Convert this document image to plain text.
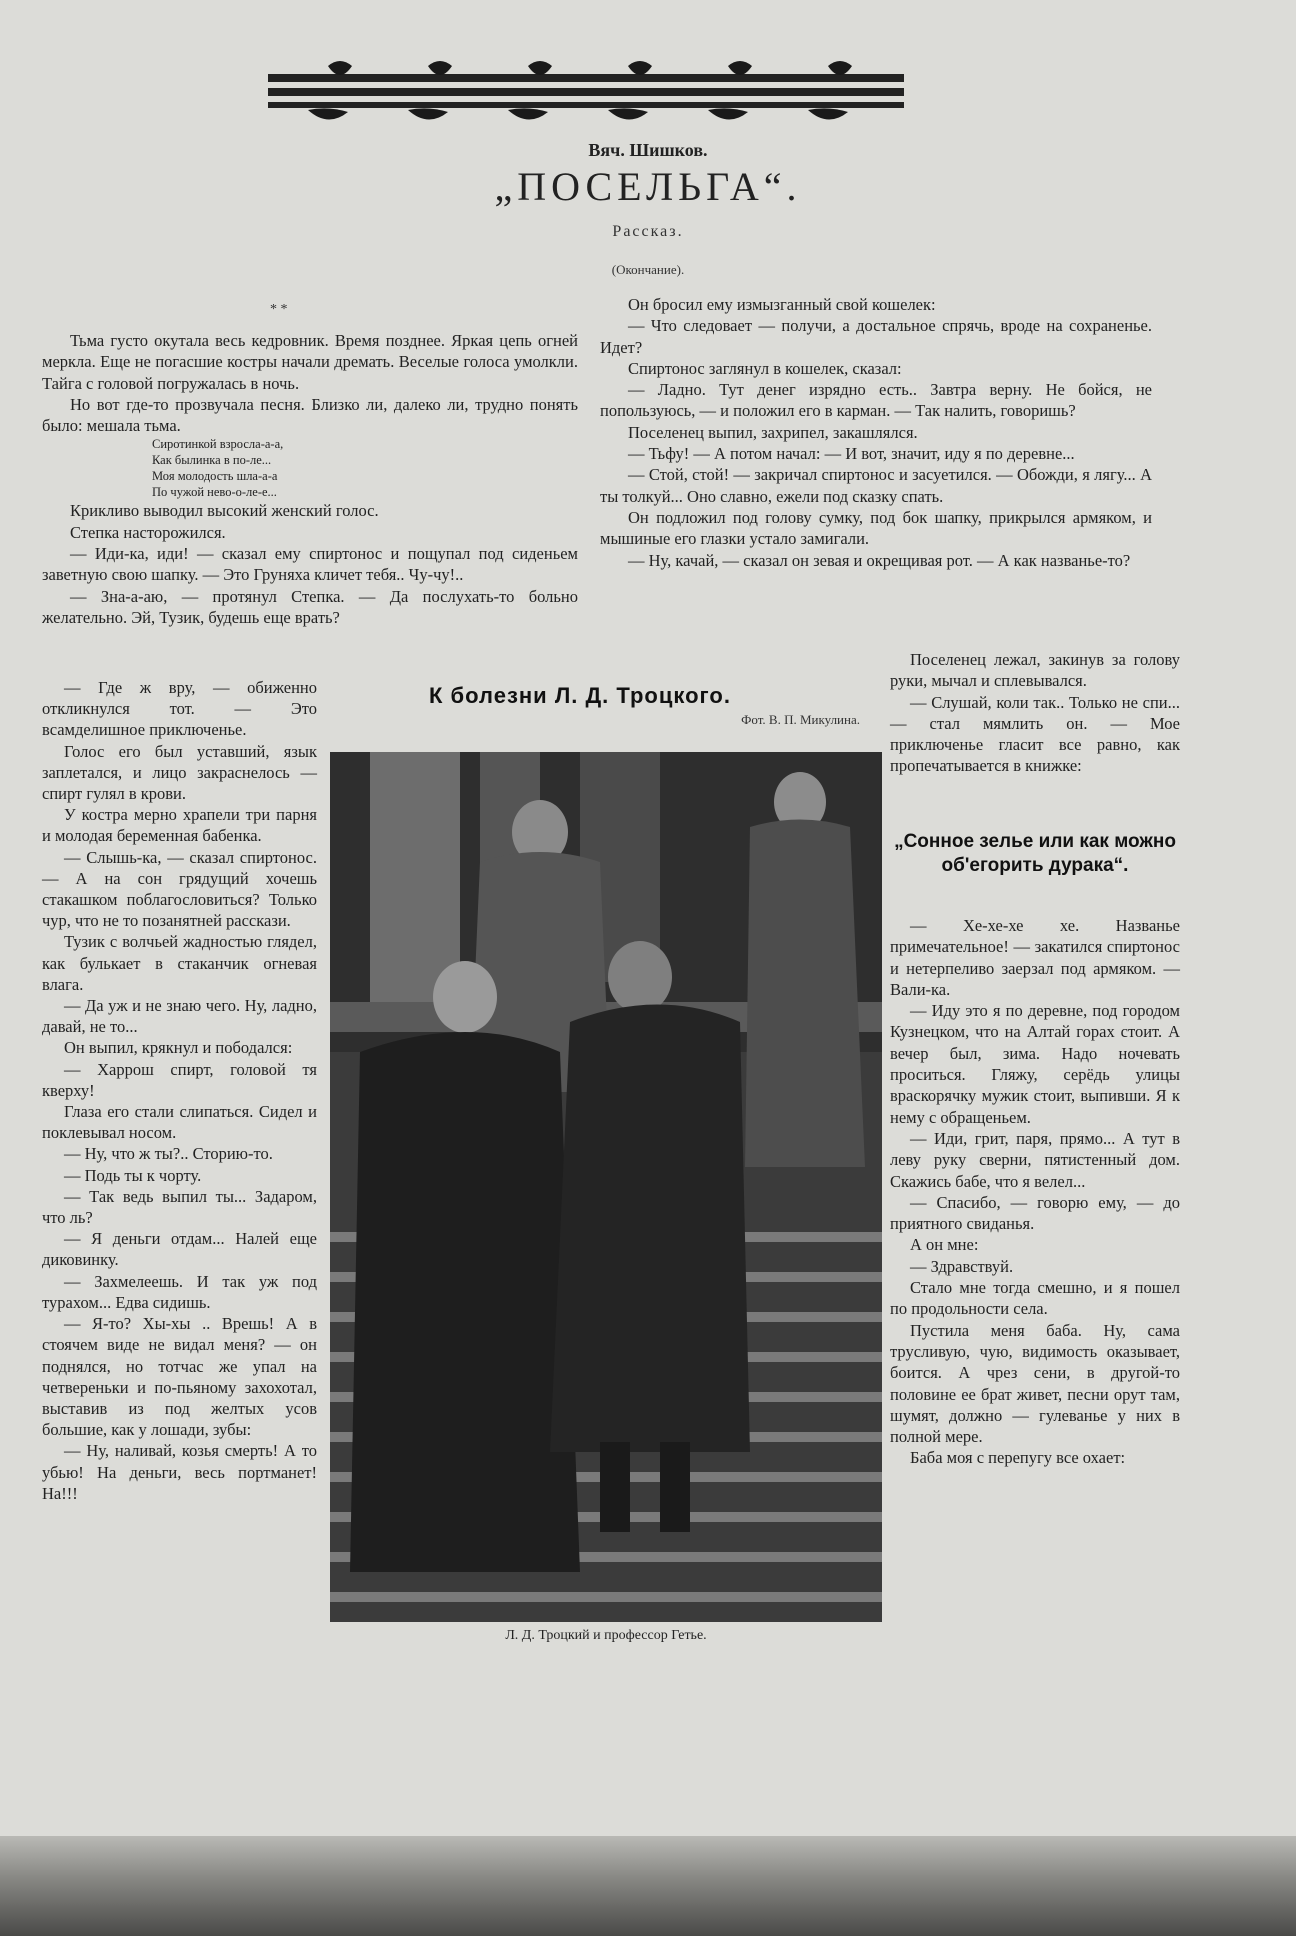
Вяч. Шишков.
„ПОСЕЛЬГА“.
Рассказ.
(Окончание).
* *

Тьма густо окутала весь кедровник. Время позднее. Яркая цепь огней меркла. Еще не погасшие костры начали дремать. Веселые голоса умолкли. Тайга с головой погружалась в ночь.

Но вот где-то прозвучала песня. Близко ли, далеко ли, трудно понять было: мешала тьма.

Сиротинкой взросла-а-а,

Как былинка в по-ле...

Моя молодость шла-а-а

По чужой нево-о-ле-е...

Крикливо выводил высокий женский голос.

Степка насторожился.

— Иди-ка, иди! — сказал ему спиртонос и пощупал под сиденьем заветную свою шапку. — Это Груняха кличет тебя.. Чу-чу!..

— Зна-а-аю, — протянул Степка. — Да послухать-то больно желательно. Эй, Тузик, будешь еще врать?

— Где ж вру, — обиженно откликнулся тот. — Это всамделишное приключенье.

Голос его был уставший, язык заплетался, и лицо закраснелось — спирт гулял в крови.

У костра мерно храпели три парня и молодая беременная бабенка.

— Слышь-ка, — сказал спиртонос. — А на сон грядущий хочешь стакашком поблагословиться? Только чур, что не то позанятней расскази.

Тузик с волчьей жадностью глядел, как булькает в стаканчик огневая влага.

— Да уж и не знаю чего. Ну, ладно, давай, не то...

Он выпил, крякнул и пободался:

— Харрош спирт, головой тя кверху!

Глаза его стали слипаться. Сидел и поклевывал носом.

— Ну, что ж ты?.. Сторию-то.

— Подь ты к чорту.

— Так ведь выпил ты... Задаром, что ль?

— Я деньги отдам... Налей еще диковинку.

— Захмелеешь. И так уж под турахом... Едва сидишь.

— Я-то? Хы-хы .. Врешь! А в стоячем виде не видал меня? — он поднялся, но тотчас же упал на четвереньки и по-пьяному захохотал, выставив из под желтых усов большие, как у лошади, зубы:

— Ну, наливай, козья смерть! А то убью! На деньги, весь портманет! На!!!

Он бросил ему измызганный свой кошелек:

— Что следовает — получи, а достальное спрячь, вроде на сохраненье. Идет?

Спиртонос заглянул в кошелек, сказал:

— Ладно. Тут денег изрядно есть.. Завтра верну. Не бойся, не попользуюсь, — и положил его в карман. — Так налить, говоришь?

Поселенец выпил, захрипел, закашлялся.

— Тьфу! — А потом начал: — И вот, значит, иду я по деревне...

— Стой, стой! — закричал спиртонос и засуетился. — Обожди, я лягу... А ты толкуй... Оно славно, ежели под сказку спать.

Он подложил под голову сумку, под бок шапку, прикрылся армяком, и мышиные его глазки устало замигали.

— Ну, качай, — сказал он зевая и окрещивая рот. — А как названье-то?

Поселенец лежал, закинув за голову руки, мычал и сплевывался.

— Слушай, коли так.. Только не спи... — стал мямлить он. — Мое приключенье гласит все равно, как пропечатывается в книжке:

„Сонное зелье или как можно об'егорить дурака“.

— Хе-хе-хе хе. Названье примечательное! — закатился спиртонос и нетерпеливо заерзал под армяком. — Вали-ка.

— Иду это я по деревне, под городом Кузнецком, что на Алтай горах стоит. А вечер был, зима. Надо ночевать проситься. Гляжу, серёдь улицы враскорячку мужик стоит, выпивши. Я к нему с обращеньем.

— Иди, грит, паря, прямо... А тут в леву руку сверни, пятистенный дом. Скажись бабе, что я велел...

— Спасибо, — говорю ему, — до приятного свиданья.

А он мне:

— Здравствуй.

Стало мне тогда смешно, и я пошел по продольности села.

Пустила меня баба. Ну, сама трусливую, чую, видимость оказывает, боится. А чрез сени, в другой-то половине ее брат живет, песни орут там, шумят, должно — гулеванье у них в полной мере.

Баба моя с перепугу все охает:

К болезни Л. Д. Троцкого.
Фот. В. П. Микулина.
Л. Д. Троцкий и профессор Гетье.
